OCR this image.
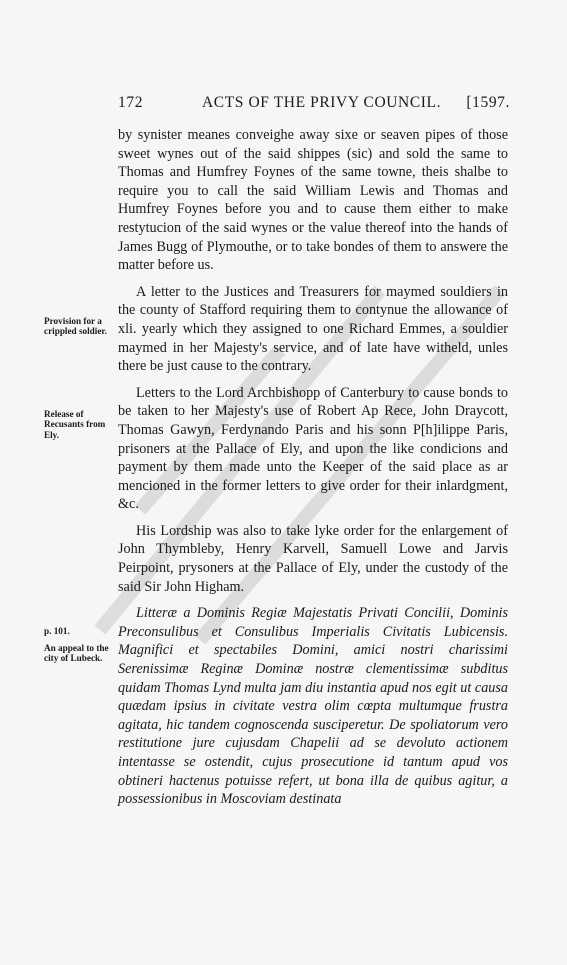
172	ACTS OF THE PRIVY COUNCIL. [1597.
Provision for a crippled soldier.
Release of Recusants from Ely.
p. 101.
An appeal to the city of Lubeck.

by synister meanes conveighe away sixe or seaven pipes of those sweet wynes out of the said shippes (sic) and sold the same to Thomas and Humfrey Foynes of the same towne, theis shalbe to require you to call the said William Lewis and Thomas and Humfrey Foynes before you and to cause them either to make restytucion of the said wynes or the value thereof into the hands of James Bugg of Plymouthe, or to take bondes of them to answere the matter before us.

A letter to the Justices and Treasurers for maymed souldiers in the county of Stafford requiring them to contynue the allowance of xli. yearly which they assigned to one Richard Emmes, a souldier maymed in her Majesty's service, and of late have witheld, unles there be just cause to the contrary.

Letters to the Lord Archbishopp of Canterbury to cause bonds to be taken to her Majesty's use of Robert Ap Rece, John Draycott, Thomas Gawyn, Ferdynando Paris and his sonn P[h]ilippe Paris, prisoners at the Pallace of Ely, and upon the like condicions and payment by them made unto the Keeper of the said place as ar mencioned in the former letters to give order for their inlardgment, &c.

His Lordship was also to take lyke order for the enlargement of John Thymbleby, Henry Karvell, Samuell Lowe and Jarvis Peirpoint, prysoners at the Pallace of Ely, under the custody of the said Sir John Higham.

Litteræ a Dominis Regiæ Majestatis Privati Concilii, Dominis Preconsulibus et Consulibus Imperialis Civitatis Lubicensis. Magnifici et spectabiles Domini, amici nostri charissimi Serenissimæ Reginæ Dominæ nostræ clementissimæ subditus quidam Thomas Lynd multa jam diu instantia apud nos egit ut causa quædam ipsius in civitate vestra olim cœpta multumque frustra agitata, hic tandem cognoscenda susciperetur. De spoliatorum vero restitutione jure cujusdam Chapelii ad se devoluto actionem intentasse se ostendit, cujus prosecutione id tantum apud vos obtineri hactenus potuisse refert, ut bona illa de quibus agitur, a possessionibus in Moscoviam destinata
